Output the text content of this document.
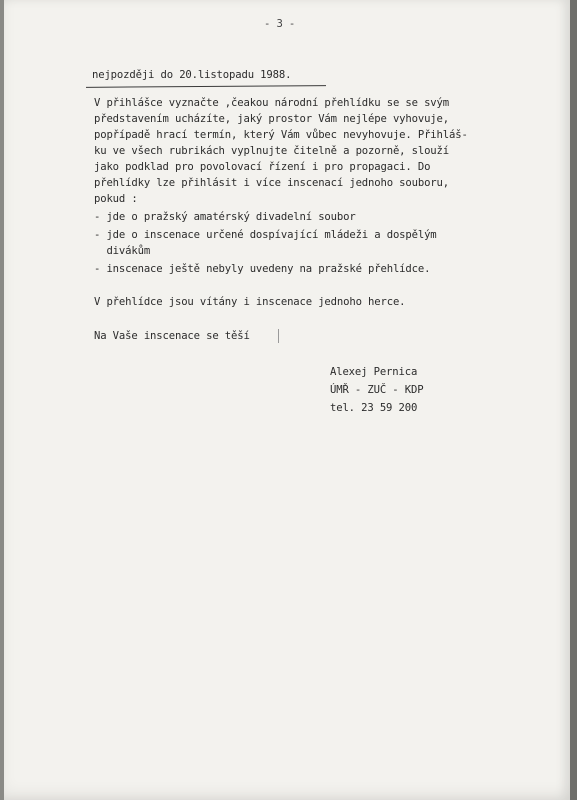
- 3 -
nejpozději do 20.listopadu 1988.
V přihlášce vyznačte ,čeakou národní přehlídku se se svým
představením ucházíte, jaký prostor Vám nejlépe vyhovuje,
popřípadě hrací termín, který Vám vůbec nevyhovuje. Přihláš-
ku ve všech rubrikách vyplnujte čitelně a pozorně, slouží
jako podklad pro povolovací řízení i pro propagaci. Do
přehlídky lze přihlásit i více inscenací jednoho souboru,
pokud :
- jde o pražský amatérský divadelní soubor
- jde o inscenace určené dospívající mládeži a dospělým
divákům
- inscenace ještě nebyly uvedeny na pražské přehlídce.
V přehlídce jsou vítány i inscenace jednoho herce.
Na Vaše inscenace se těší
Alexej Pernica
ÚMŘ - ZUČ - KDP
tel. 23 59 200
